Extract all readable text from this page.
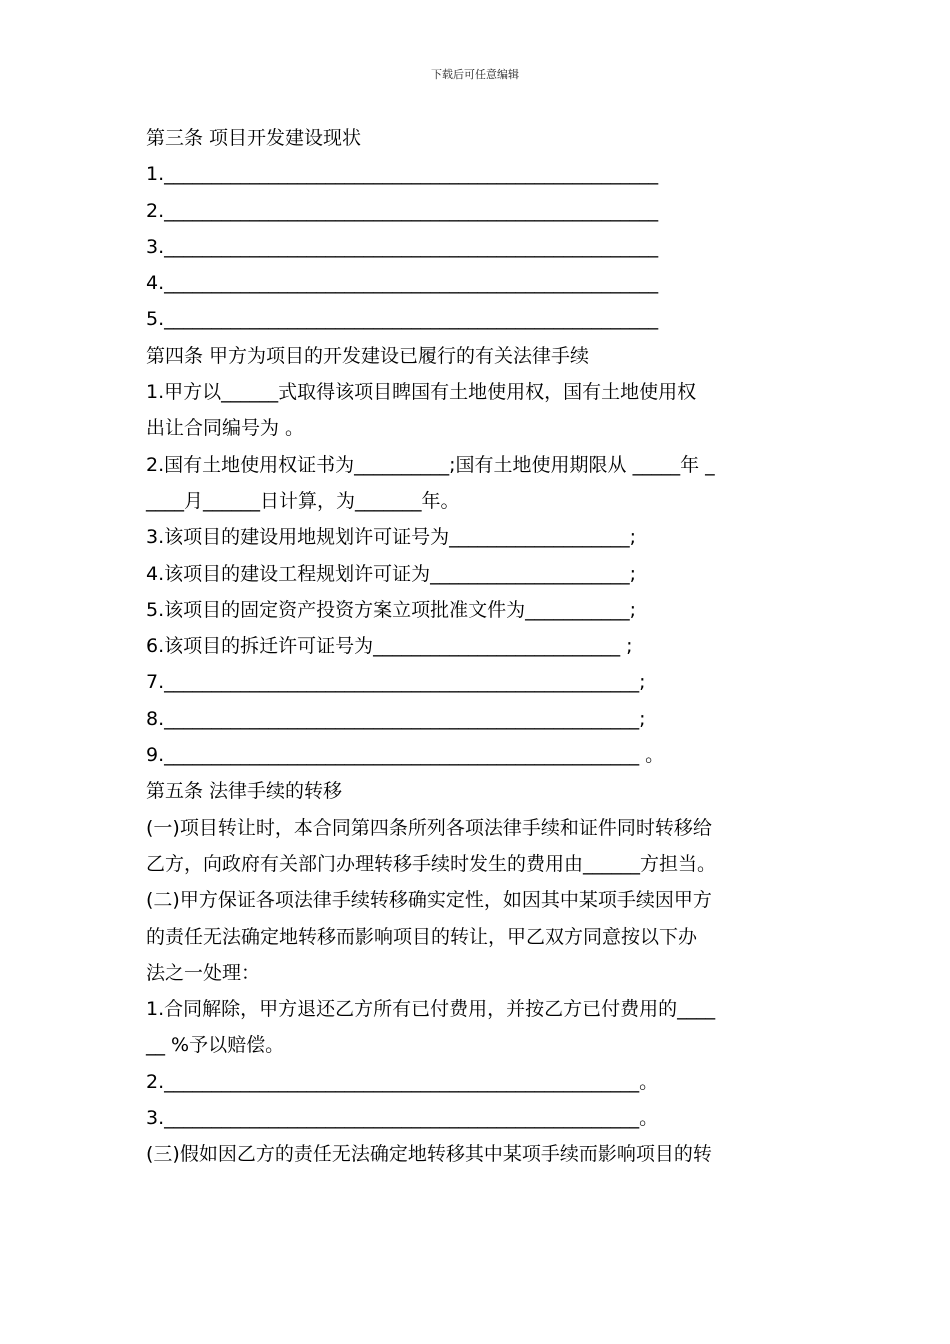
下载后可任意编辑
第三条 项目开发建设现状
1.____________________________________________________
2.____________________________________________________
3.____________________________________________________
4.____________________________________________________
5.____________________________________________________
第四条 甲方为项目的开发建设已履行的有关法律手续
1.甲方以______式取得该项目睥国有土地使用权，国有土地使用权
出让合同编号为 。
2.国有土地使用权证书为__________;国有土地使用期限从 _____年 _
____月______日计算，为_______年。
3.该项目的建设用地规划许可证号为___________________;
4.该项目的建设工程规划许可证为_____________________;
5.该项目的固定资产投资方案立项批准文件为___________;
6.该项目的拆迁许可证号为__________________________ ;
7.__________________________________________________;
8.__________________________________________________;
9.__________________________________________________ 。
第五条 法律手续的转移
(一)项目转让时，本合同第四条所列各项法律手续和证件同时转移给
乙方，向政府有关部门办理转移手续时发生的费用由______方担当。
(二)甲方保证各项法律手续转移确实定性，如因其中某项手续因甲方
的责任无法确定地转移而影响项目的转让，甲乙双方同意按以下办
法之一处理：
1.合同解除，甲方退还乙方所有已付费用，并按乙方已付费用的____
__ %予以赔偿。
2.__________________________________________________。
3.__________________________________________________。
(三)假如因乙方的责任无法确定地转移其中某项手续而影响项目的转
